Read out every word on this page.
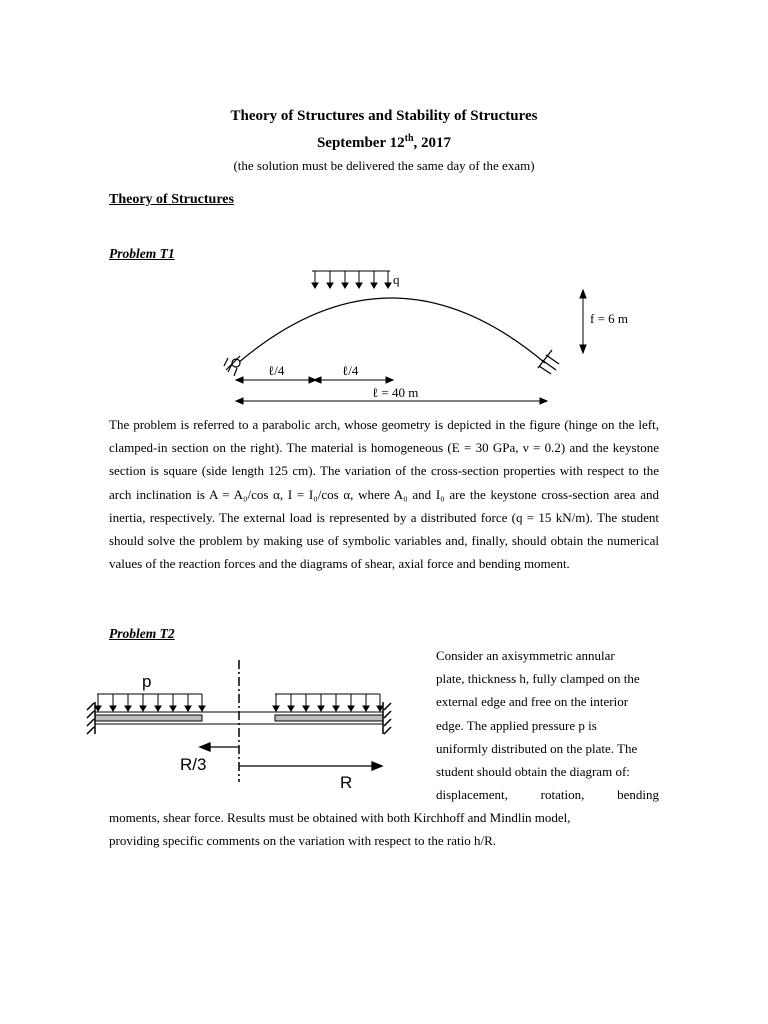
Theory of Structures and Stability of Structures
September 12th, 2017
(the solution must be delivered the same day of the exam)
Theory of Structures
Problem T1
q
f = 6 m
ℓ/4	ℓ/4
ℓ = 40 m

The problem is referred to a parabolic arch, whose geometry is depicted in the figure (hinge on the left, clamped-in section on the right). The material is homogeneous (E = 30 GPa, ν = 0.2) and the keystone section is square (side length 125 cm). The variation of the cross-section properties with respect to the arch inclination is A = A₀/cos α, I = I₀/cos α, where A₀ and I₀ are the keystone cross-section area and inertia, respectively. The external load is represented by a distributed force (q = 15 kN/m). The student should solve the problem by making use of symbolic variables and, finally, should obtain the numerical values of the reaction forces and the diagrams of shear, axial force and bending moment.

Problem T2
p
R/3
R

Consider an axisymmetric annular

plate, thickness h, fully clamped on the

external edge and free on the interior

edge. The applied pressure p is

uniformly distributed on the plate. The

student should obtain the diagram of:

displacement, rotation, bending

moments, shear force. Results must be obtained with both Kirchhoff and Mindlin model,

providing specific comments on the variation with respect to the ratio h/R.
